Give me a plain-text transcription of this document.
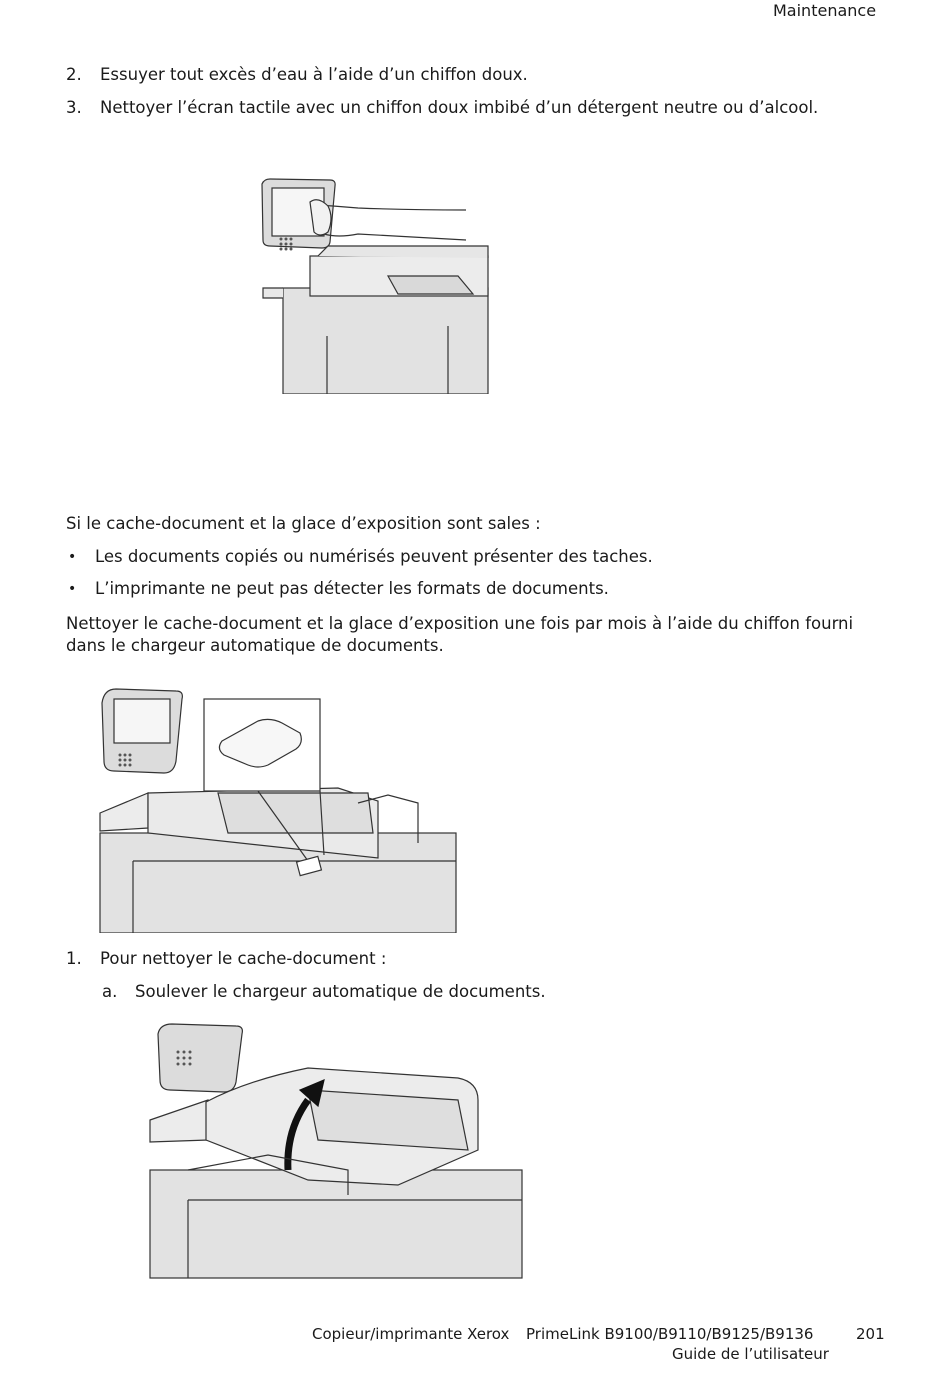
Maintenance
2. Essuyer tout excès d’eau à l’aide d’un chiffon doux.
3. Nettoyer l’écran tactile avec un chiffon doux imbibé d’un détergent neutre ou d’alcool.
Si le cache-document et la glace d’exposition sont sales :
• Les documents copiés ou numérisés peuvent présenter des taches.
• L’imprimante ne peut pas détecter les formats de documents.
Nettoyer le cache-document et la glace d’exposition une fois par mois à l’aide du chiffon fourni
dans le chargeur automatique de documents.
1. Pour nettoyer le cache-document :
a. Soulever le chargeur automatique de documents.
Copieur/imprimante Xerox PrimeLink B9100/B9110/B9125/B9136	201
Guide de l’utilisateur
